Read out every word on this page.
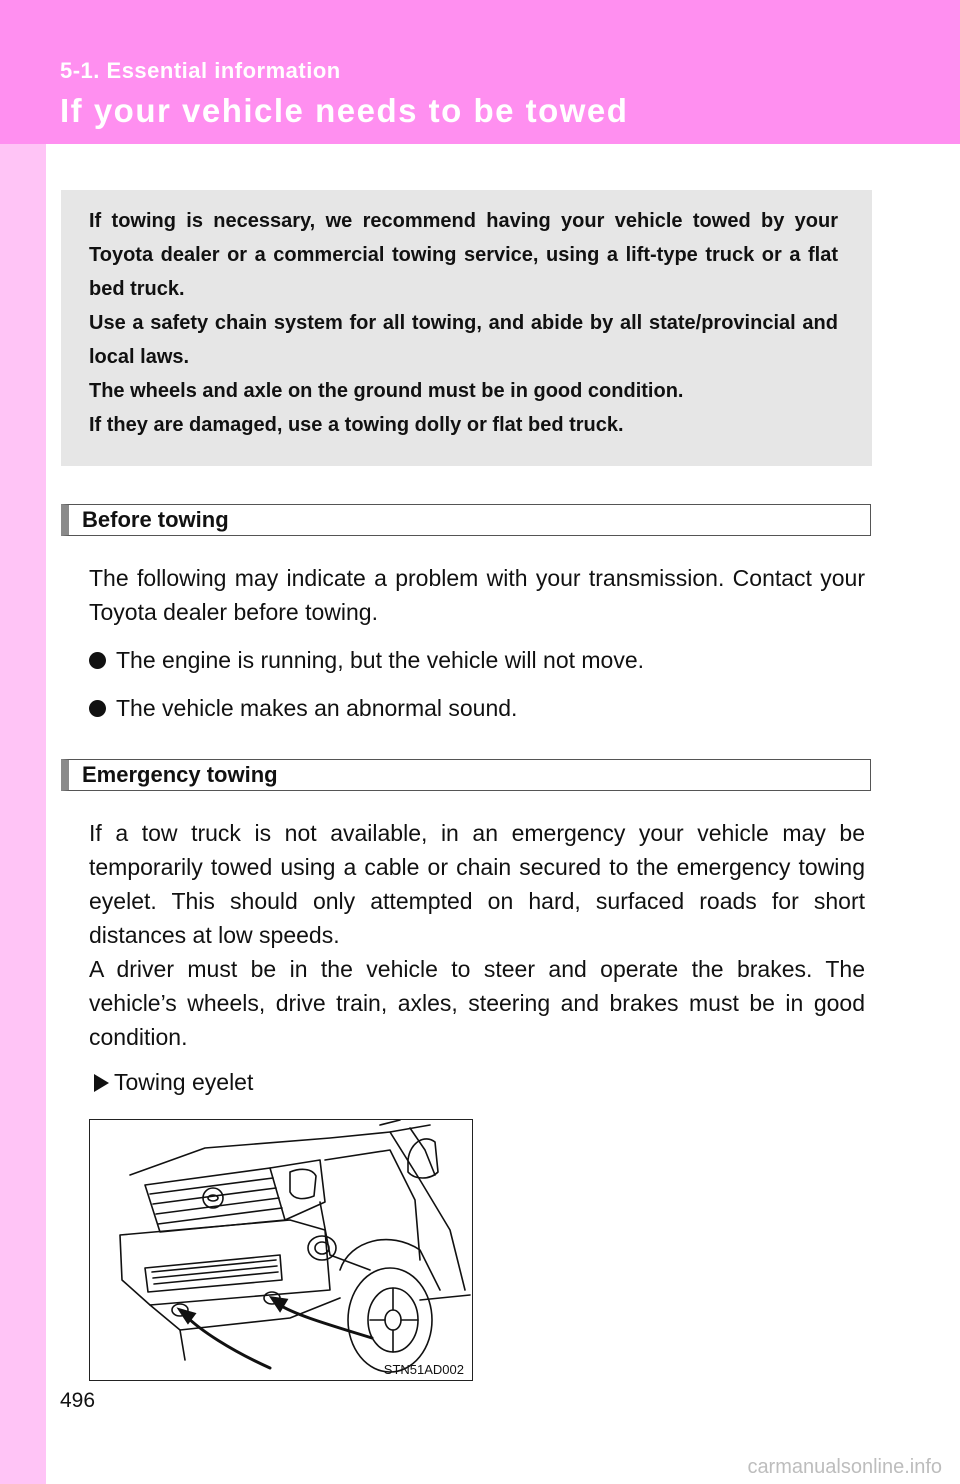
5-1. Essential information
If your vehicle needs to be towed

If towing is necessary, we recommend having your vehicle towed by your Toyota dealer or a commercial towing service, using a lift-type truck or a flat bed truck.

Use a safety chain system for all towing, and abide by all state/provincial and local laws.

The wheels and axle on the ground must be in good condition.

If they are damaged, use a towing dolly or flat bed truck.

Before towing

The following may indicate a problem with your transmission. Contact your Toyota dealer before towing.

The engine is running, but the vehicle will not move.
The vehicle makes an abnormal sound.
Emergency towing

If a tow truck is not available, in an emergency your vehicle may be temporarily towed using a cable or chain secured to the emergency towing eyelet. This should only attempted on hard, surfaced roads for short distances at low speeds.

A driver must be in the vehicle to steer and operate the brakes. The vehicle’s wheels, drive train, axles, steering and brakes must be in good condition.

Towing eyelet
STN51AD002
496
carmanualsonline.info
